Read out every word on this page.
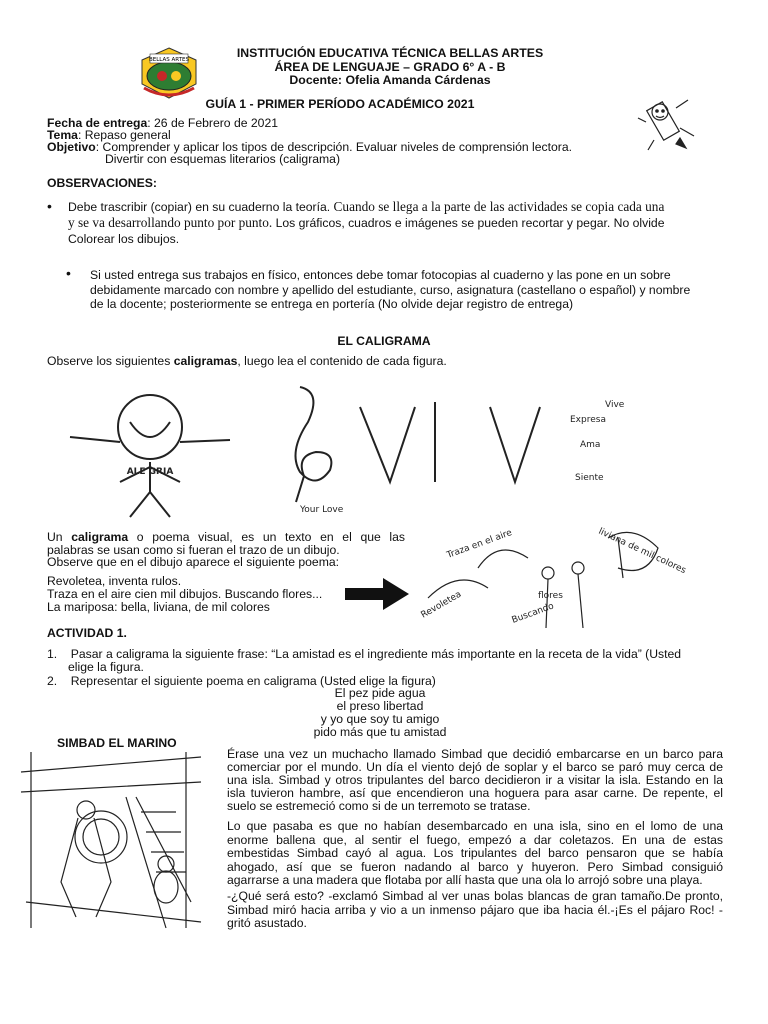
BELLAS ARTES	INSTITUCIÓN EDUCATIVA TÉCNICA BELLAS ARTES
ÁREA DE LENGUAJE – GRADO 6° A - B
Docente: Ofelia Amanda Cárdenas
GUÍA 1 - PRIMER PERÍODO ACADÉMICO 2021
Fecha de entrega: 26 de Febrero de 2021
Tema: Repaso general
Objetivo: Comprender y aplicar los tipos de descripción. Evaluar niveles de comprensión lectora.
Divertir con esquemas literarios (caligrama)
OBSERVACIONES:
• Debe trascribir (copiar) en su cuaderno la teoría. Cuando se llega a la parte de las actividades se copia cada una
y se va desarrollando punto por punto. Los gráficos, cuadros e imágenes se pueden recortar y pegar. No olvide
Colorear los dibujos.
• Si usted entrega sus trabajos en físico, entonces debe tomar fotocopias al cuaderno y las pone en un sobre
debidamente marcado con nombre y apellido del estudiante, curso, asignatura (castellano o español) y nombre
de la docente; posteriormente se entrega en portería (No olvide dejar registro de entrega)
EL CALIGRAMA
Observe los siguientes caligramas, luego lea el contenido de cada figura.
ALE GRIA
Your Love
Expresa
Ama
Siente
Vive
Un caligrama o poema visual, es un texto en el que las
palabras se usan como si fueran el trazo de un dibujo.
Observe que en el dibujo aparece el siguiente poema:
Revoletea, inventa rulos.
Traza en el aire cien mil dibujos. Buscando flores...
La mariposa: bella, liviana, de mil colores
Traza en el aire
Revoletea	Buscando
flores
liviana de mil colores
ACTIVIDAD 1.
1.    Pasar a caligrama la siguiente frase: “La amistad es el ingrediente más importante en la receta de la vida” (Usted
elige la figura.
2.    Representar el siguiente poema en caligrama (Usted elige la figura)
El pez pide agua
el preso libertad
y yo que soy tu amigo
pido más que tu amistad
SIMBAD EL MARINO
Érase una vez un muchacho llamado Simbad que decidió embarcarse en un barco para
comerciar por el mundo. Un día el viento dejó de soplar y el barco se paró muy cerca de
una isla. Simbad y otros tripulantes del barco decidieron ir a visitar la isla. Estando en la
isla tuvieron hambre, así que encendieron una hoguera para asar carne. De repente, el
suelo se estremeció como si de un terremoto se tratase.
Lo que pasaba es que no habían desembarcado en una isla, sino en el lomo de una
enorme ballena que, al sentir el fuego, empezó a dar coletazos. En una de estas
embestidas Simbad cayó al agua. Los tripulantes del barco pensaron que se había
ahogado, así que se fueron nadando al barco y huyeron. Pero Simbad consiguió
agarrarse a una madera que flotaba por allí hasta que una ola lo arrojó sobre una playa.
-¿Qué será esto? -exclamó Simbad al ver unas bolas blancas de gran tamaño.De pronto,
Simbad miró hacia arriba y vio a un inmenso pájaro que iba hacia él.-¡Es el pájaro Roc! -
gritó asustado.
